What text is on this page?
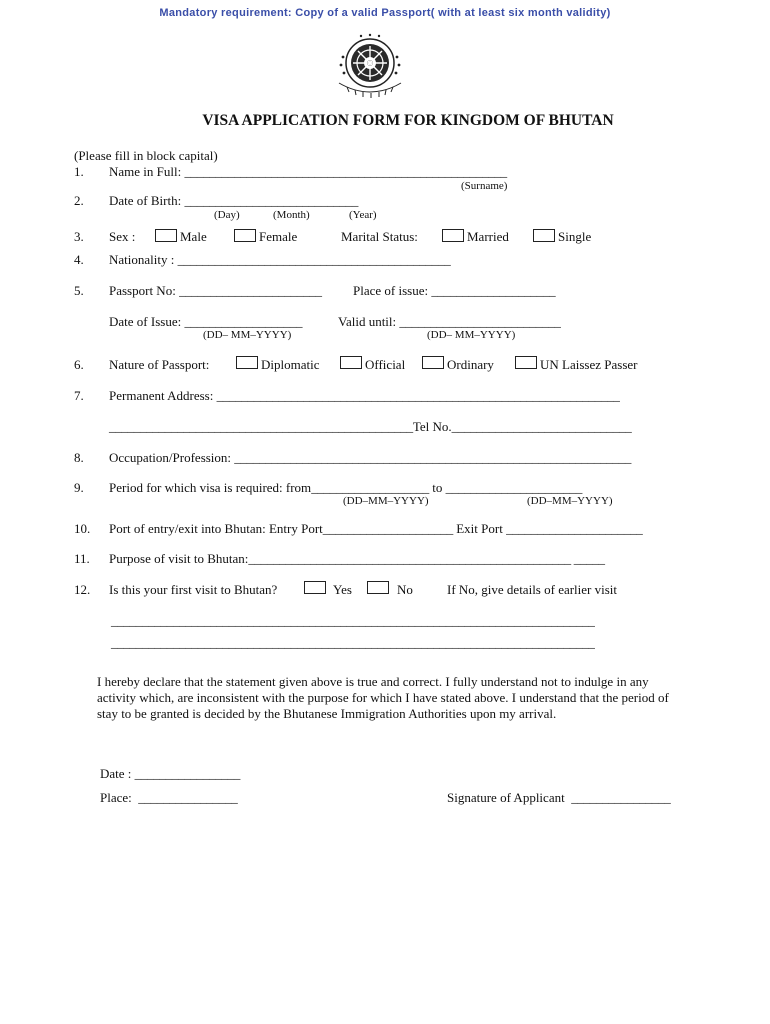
Mandatory requirement: Copy of a valid Passport( with at least six month validity)
VISA APPLICATION FORM FOR KINGDOM OF BHUTAN
(Please fill in block capital)
1. Name in Full: ____________________________________________________
(Surname)
2. Date of Birth: ____________________________
(Day)	(Month)	(Year)
3. Sex :	Male	Female	Marital Status:	Married	Single
4. Nationality : ____________________________________________
5. Passport No: _______________________ Place of issue: ____________________
Date of Issue: ___________________	Valid until: __________________________
(DD– MM–YYYY)	(DD– MM–YYYY)
6. Nature of Passport:	Diplomatic	Official	Ordinary	UN Laissez Passer
7. Permanent Address: _________________________________________________________________
_________________________________________________Tel No._____________________________
8. Occupation/Profession: ________________________________________________________________
9. Period for which visa is required: from___________________ to ______________________
(DD–MM–YYYY)	(DD–MM–YYYY)
10. Port of entry/exit into Bhutan: Entry Port_____________________ Exit Port ______________________
11. Purpose of visit to Bhutan:____________________________________________________ _____
12. Is this your first visit to Bhutan?	Yes	No	If No, give details of earlier visit
______________________________________________________________________________
______________________________________________________________________________
I hereby declare that the statement given above is true and correct. I fully understand not to indulge in any
activity which, are inconsistent with the purpose for which I have stated above. I understand that the period of
stay to be granted is decided by the Bhutanese Immigration Authorities upon my arrival.
Date : _________________
Place: ________________	Signature of Applicant ________________
